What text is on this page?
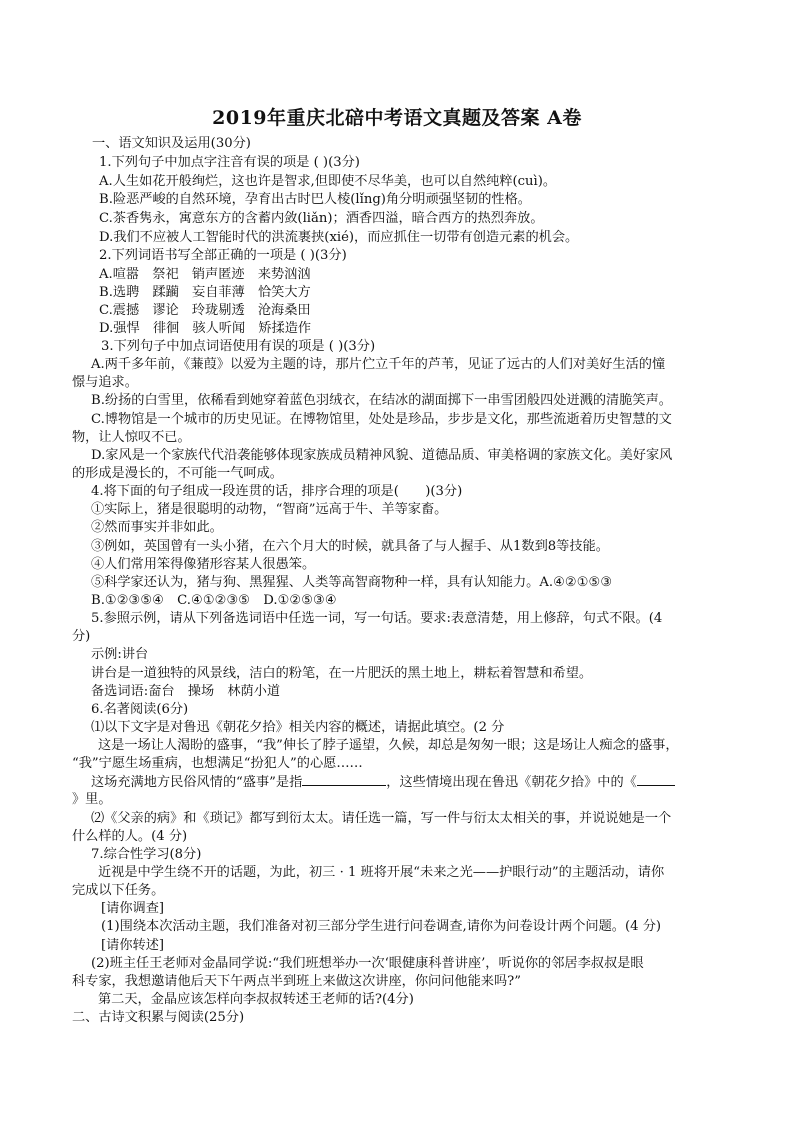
2019年重庆北碚中考语文真题及答案 A卷
一、语文知识及运用(30分)
1.下列句子中加点字注音有误的项是 ( )(3分)
A.人生如花开般绚烂，这也许是智求,但即使不尽华美，也可以自然纯粹(cuì)。
B.险恶严峻的自然环境，孕育出古时巴人棱(lǐng)角分明顽强坚韧的性格。
C.茶香隽永，寓意东方的含蓄内敛(liǎn)；酒香四溢，暗合西方的热烈奔放。
D.我们不应被人工智能时代的洪流裹挟(xié)，而应抓住一切带有创造元素的机会。
2.下列词语书写全部正确的一项是 ( )(3分)
A.喧嚣　祭祀　销声匿迹　来势汹汹
B.选聘　蹂躏　妄自菲薄　恰笑大方
C.震撼　谬论　玲珑剔透　沧海桑田
D.强悍　徘徊　骇人听闻　矫揉造作
3.下列句子中加点词语使用有误的项是 ( )(3分)
A.两千多年前，《蒹葭》以爱为主题的诗，那片伫立千年的芦苇，见证了远古的人们对美好生活的憧
憬与追求。
B.纷扬的白雪里，依稀看到她穿着蓝色羽绒衣，在结冰的湖面掷下一串雪团般四处迸溅的清脆笑声。
C.博物馆是一个城市的历史见证。在博物馆里，处处是珍品，步步是文化，那些流逝着历史智慧的文
物，让人惊叹不已。
D.家风是一个家族代代沿袭能够体现家族成员精神风貌、道德品质、审美格调的家族文化。美好家风
的形成是漫长的，不可能一气呵成。
4.将下面的句子组成一段连贯的话，排序合理的项是(　　)(3分)
①实际上，猪是很聪明的动物，“智商”远高于牛、羊等家畜。
②然而事实并非如此。
③例如，英国曾有一头小猪，在六个月大的时候，就具备了与人握手、从1数到8等技能。
④人们常用笨得像猪形容某人很愚笨。
⑤科学家还认为，猪与狗、黑猩猩、人类等高智商物种一样，具有认知能力。A.④②①⑤③
B.①②③⑤④　C.④①②③⑤　D.①②⑤③④
5.参照示例，请从下列备选词语中任选一词，写一句话。要求:表意清楚，用上修辞，句式不限。(4
分)
示例:讲台
讲台是一道独特的风景线，洁白的粉笔，在一片肥沃的黑土地上，耕耘着智慧和希望。
备选词语:奤台　操场　林荫小道
6.名著阅读(6分)
⑴以下文字是对鲁迅《朝花夕拾》相关内容的概述，请据此填空。(2 分
这是一场让人渴盼的盛事，“我”伸长了脖子遥望，久候，却总是匆匆一眼；这是场让人痴念的盛事，
“我”宁愿生场重病，也想满足“扮犯人”的心愿……
这场充满地方民俗风情的“盛事”是指	，这些情境出现在鲁迅《朝花夕拾》中的《
》里。
⑵《父亲的病》和《琐记》都写到衍太太。请任选一篇，写一件与衍太太相关的事，并说说她是一个
什么样的人。(4 分)
7.综合性学习(8分)
近视是中学生绕不开的话题，为此，初三 · 1 班将开展“未来之光——护眼行动”的主题活动，请你
完成以下任务。
[请你调查]
(1)围绕本次活动主题，我们准备对初三部分学生进行问卷调查,请你为问卷设计两个问题。(4 分)
[请你转述]
(2)班主任王老师对金晶同学说:“我们班想举办一次‘眼健康科普讲座’，听说你的邻居李叔叔是眼
科专家，我想邀请他后天下午两点半到班上来做这次讲座，你问问他能来吗?”
第二天，金晶应该怎样向李叔叔转述王老师的话?(4分)
二、古诗文积累与阅读(25分)
